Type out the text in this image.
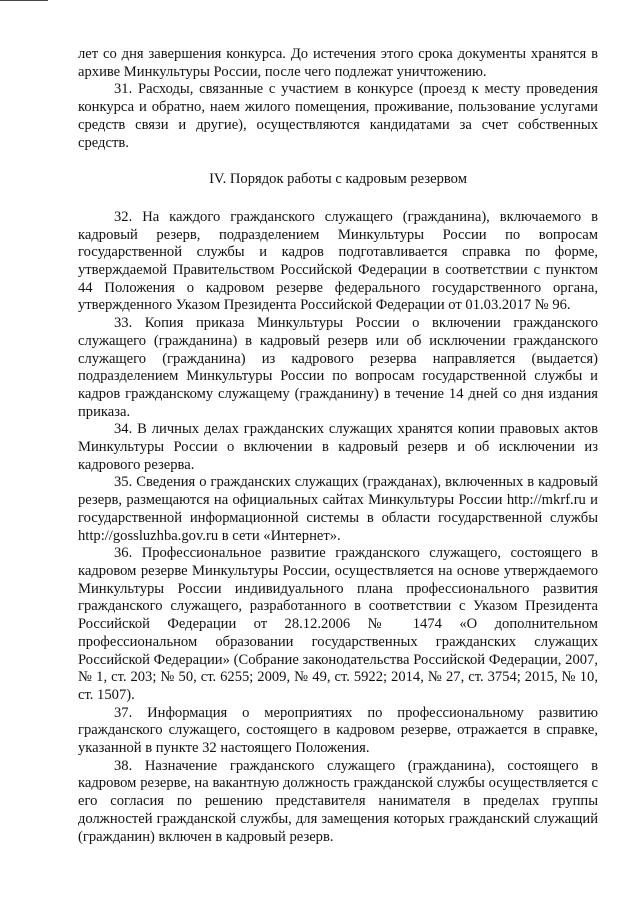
лет со дня завершения конкурса. До истечения этого срока документы хранятся в архиве Минкультуры России, после чего подлежат уничтожению.

31. Расходы, связанные с участием в конкурсе (проезд к месту проведения конкурса и обратно, наем жилого помещения, проживание, пользование услугами средств связи и другие), осуществляются кандидатами за счет собственных средств.

IV. Порядок работы с кадровым резервом

32. На каждого гражданского служащего (гражданина), включаемого в кадровый резерв, подразделением Минкультуры России по вопросам государственной службы и кадров подготавливается справка по форме, утверждаемой Правительством Российской Федерации в соответствии с пунктом 44 Положения о кадровом резерве федерального государственного органа, утвержденного Указом Президента Российской Федерации от 01.03.2017 № 96.

33. Копия приказа Минкультуры России о включении гражданского служащего (гражданина) в кадровый резерв или об исключении гражданского служащего (гражданина) из кадрового резерва направляется (выдается) подразделением Минкультуры России по вопросам государственной службы и кадров гражданскому служащему (гражданину) в течение 14 дней со дня издания приказа.

34. В личных делах гражданских служащих хранятся копии правовых актов Минкультуры России о включении в кадровый резерв и об исключении из кадрового резерва.

35. Сведения о гражданских служащих (гражданах), включенных в кадровый резерв, размещаются на официальных сайтах Минкультуры России http://mkrf.ru и государственной информационной системы в области государственной службы http://gossluzhba.gov.ru в сети «Интернет».

36. Профессиональное развитие гражданского служащего, состоящего в кадровом резерве Минкультуры России, осуществляется на основе утверждаемого Минкультуры России индивидуального плана профессионального развития гражданского служащего, разработанного в соответствии с Указом Президента Российской Федерации от 28.12.2006 № 1474 «О дополнительном профессиональном образовании государственных гражданских служащих Российской Федерации» (Собрание законодательства Российской Федерации, 2007, № 1, ст. 203; № 50, ст. 6255; 2009, № 49, ст. 5922; 2014, № 27, ст. 3754; 2015, № 10, ст. 1507).

37. Информация о мероприятиях по профессиональному развитию гражданского служащего, состоящего в кадровом резерве, отражается в справке, указанной в пункте 32 настоящего Положения.

38. Назначение гражданского служащего (гражданина), состоящего в кадровом резерве, на вакантную должность гражданской службы осуществляется с его согласия по решению представителя нанимателя в пределах группы должностей гражданской службы, для замещения которых гражданский служащий (гражданин) включен в кадровый резерв.
